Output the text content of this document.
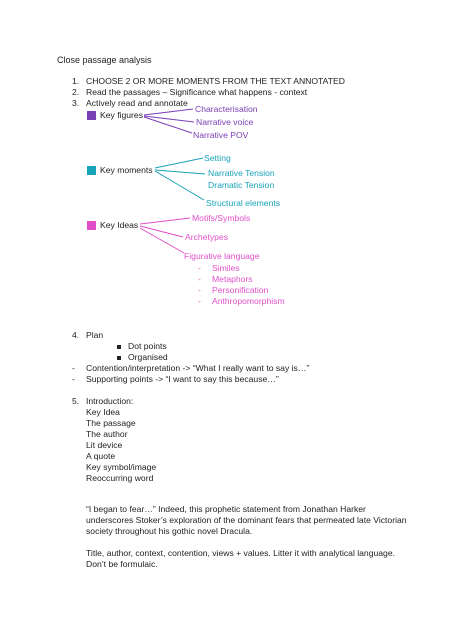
Close passage analysis
1. CHOOSE 2 OR MORE MOMENTS FROM THE TEXT ANNOTATED
2. Read the passages – Significance what happens - context
3. Actively read and annotate
Key figures
Characterisation
Narrative voice
Narrative POV
Key moments
Setting
Narrative Tension
Dramatic Tension
Structural elements
Key Ideas
Motifs/Symbols
Archetypes
Figurative language
- Similes
- Metaphors
- Personification
- Anthropomorphism
4. Plan
Dot points
Organised
- Contention/interpretation -> “What I really want to say is…”
- Supporting points -> “I want to say this because…”
5. Introduction:
Key Idea
The passage
The author
Lit device
A quote
Key symbol/image
Reoccurring word
“I began to fear…” Indeed, this prophetic statement from Jonathan Harker
underscores Stoker’s exploration of the dominant fears that permeated late Victorian
society throughout his gothic novel Dracula.
Title, author, context, contention, views + values. Litter it with analytical language.
Don’t be formulaic.
